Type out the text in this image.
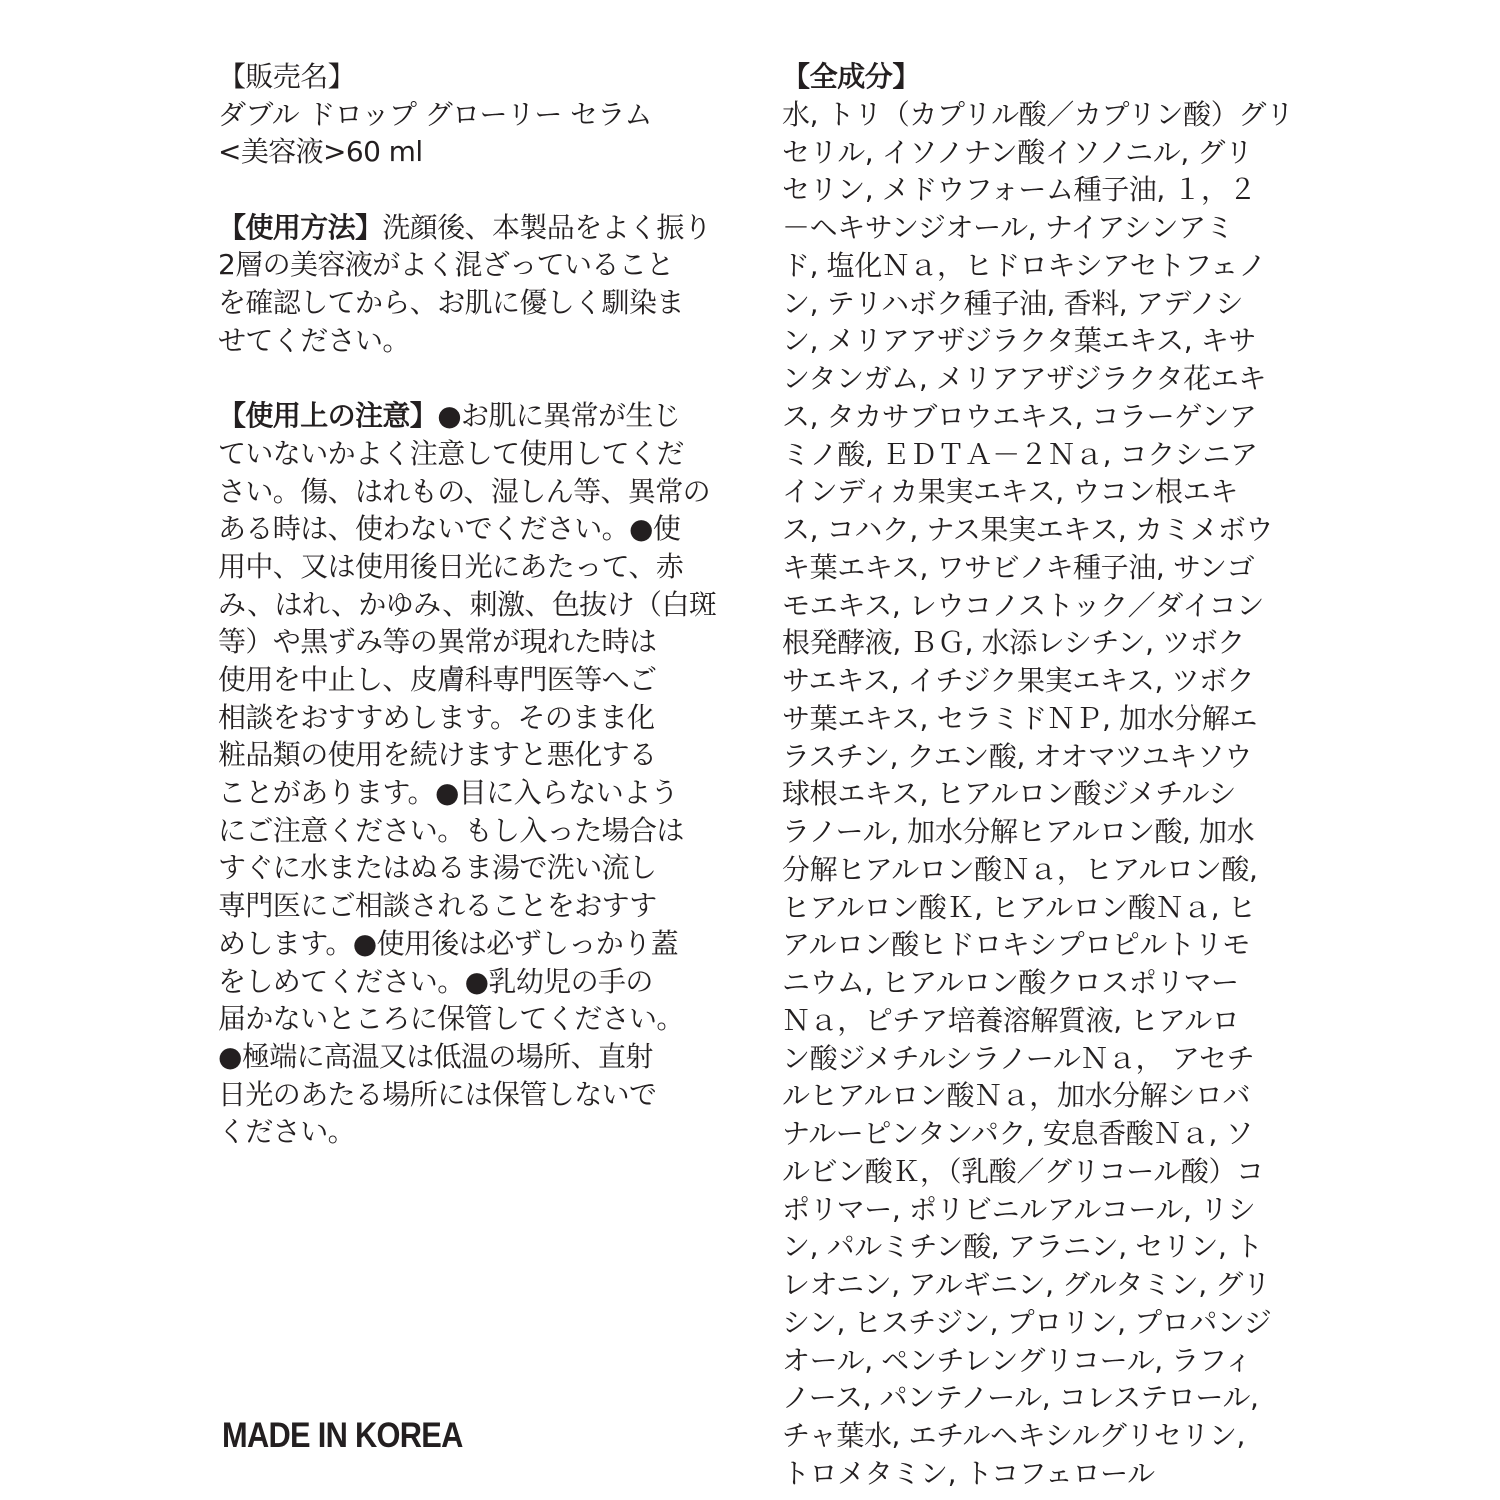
【販売名】
ダブル ドロップ グローリー セラム
<美容液>60 ml
【使用方法】洗顔後、本製品をよく振り
2層の美容液がよく混ざっていること
を確認してから、お肌に優しく馴染ま
せてください。
【使用上の注意】●お肌に異常が生じ
ていないかよく注意して使用してくだ
さい。傷、はれもの、湿しん等、異常の
ある時は、使わないでください。●使
用中、又は使用後日光にあたって、赤
み、はれ、かゆみ、刺激、色抜け（白斑
等）や黒ずみ等の異常が現れた時は
使用を中止し、皮膚科専門医等へご
相談をおすすめします。そのまま化
粧品類の使用を続けますと悪化する
ことがあります。●目に入らないよう
にご注意ください。もし入った場合は
すぐに水またはぬるま湯で洗い流し
専門医にご相談されることをおすす
めします。●使用後は必ずしっかり蓋
をしめてください。●乳幼児の手の
届かないところに保管してください。
●極端に高温又は低温の場所、直射
日光のあたる場所には保管しないで
ください。
MADE IN KOREA
【全成分】
水, トリ（カプリル酸／カプリン酸）グリ
セリル, イソノナン酸イソノニル, グリ
セリン, メドウフォーム種子油, １，２
－ヘキサンジオール, ナイアシンアミ
ド, 塩化Ｎａ，ヒドロキシアセトフェノ
ン, テリハボク種子油, 香料, アデノシ
ン, メリアアザジラクタ葉エキス, キサ
ンタンガム, メリアアザジラクタ花エキ
ス, タカサブロウエキス, コラーゲンア
ミノ酸, ＥＤＴＡ－２Ｎａ, コクシニア
インディカ果実エキス, ウコン根エキ
ス, コハク, ナス果実エキス, カミメボウ
キ葉エキス, ワサビノキ種子油, サンゴ
モエキス, レウコノストック／ダイコン
根発酵液, ＢＧ, 水添レシチン, ツボク
サエキス, イチジク果実エキス, ツボク
サ葉エキス, セラミドＮＰ, 加水分解エ
ラスチン, クエン酸, オオマツユキソウ
球根エキス, ヒアルロン酸ジメチルシ
ラノール, 加水分解ヒアルロン酸, 加水
分解ヒアルロン酸Ｎａ，ヒアルロン酸,
ヒアルロン酸Ｋ, ヒアルロン酸Ｎａ, ヒ
アルロン酸ヒドロキシプロピルトリモ
ニウム, ヒアルロン酸クロスポリマー
Ｎａ，ピチア培養溶解質液, ヒアルロ
ン酸ジメチルシラノールＮａ， アセチ
ルヒアルロン酸Ｎａ，加水分解シロバ
ナルーピンタンパク, 安息香酸Ｎａ, ソ
ルビン酸Ｋ，（乳酸／グリコール酸）コ
ポリマー, ポリビニルアルコール, リシ
ン, パルミチン酸, アラニン, セリン, ト
レオニン, アルギニン, グルタミン, グリ
シン, ヒスチジン, プロリン, プロパンジ
オール, ペンチレングリコール, ラフィ
ノース, パンテノール, コレステロール,
チャ葉水, エチルヘキシルグリセリン,
トロメタミン, トコフェロール
